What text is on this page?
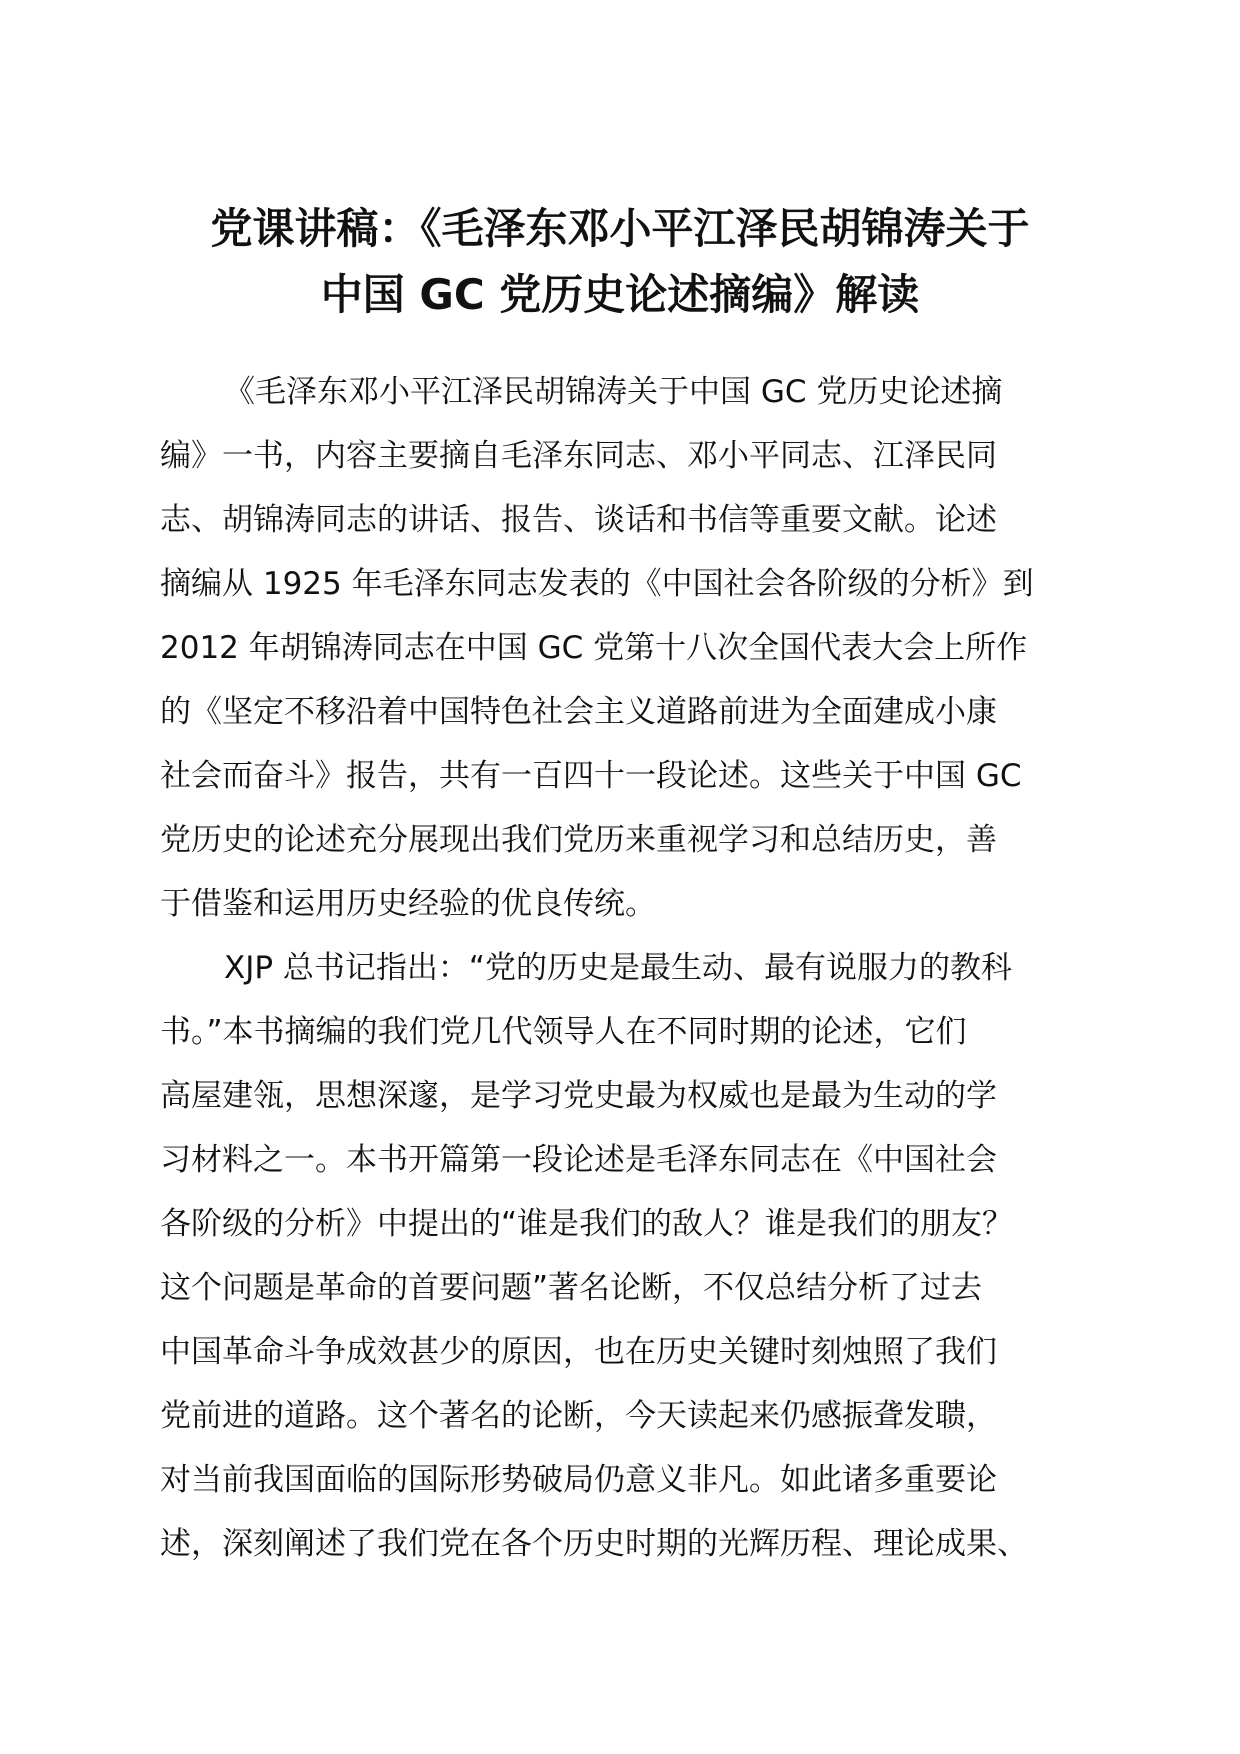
党课讲稿：《毛泽东邓小平江泽民胡锦涛关于
中国 GC 党历史论述摘编》解读

《毛泽东邓小平江泽民胡锦涛关于中国 GC 党历史论述摘
编》一书，内容主要摘自毛泽东同志、邓小平同志、江泽民同
志、胡锦涛同志的讲话、报告、谈话和书信等重要文献。论述
摘编从 1925 年毛泽东同志发表的《中国社会各阶级的分析》到
2012 年胡锦涛同志在中国 GC 党第十八次全国代表大会上所作
的《坚定不移沿着中国特色社会主义道路前进为全面建成小康
社会而奋斗》报告，共有一百四十一段论述。这些关于中国 GC
党历史的论述充分展现出我们党历来重视学习和总结历史，善
于借鉴和运用历史经验的优良传统。

XJP 总书记指出：“党的历史是最生动、最有说服力的教科
书。”本书摘编的我们党几代领导人在不同时期的论述，它们
高屋建瓴，思想深邃，是学习党史最为权威也是最为生动的学
习材料之一。本书开篇第一段论述是毛泽东同志在《中国社会
各阶级的分析》中提出的“谁是我们的敌人？谁是我们的朋友？
这个问题是革命的首要问题”著名论断，不仅总结分析了过去
中国革命斗争成效甚少的原因，也在历史关键时刻烛照了我们
党前进的道路。这个著名的论断，今天读起来仍感振聋发聩，
对当前我国面临的国际形势破局仍意义非凡。如此诸多重要论
述，深刻阐述了我们党在各个历史时期的光辉历程、理论成果、
